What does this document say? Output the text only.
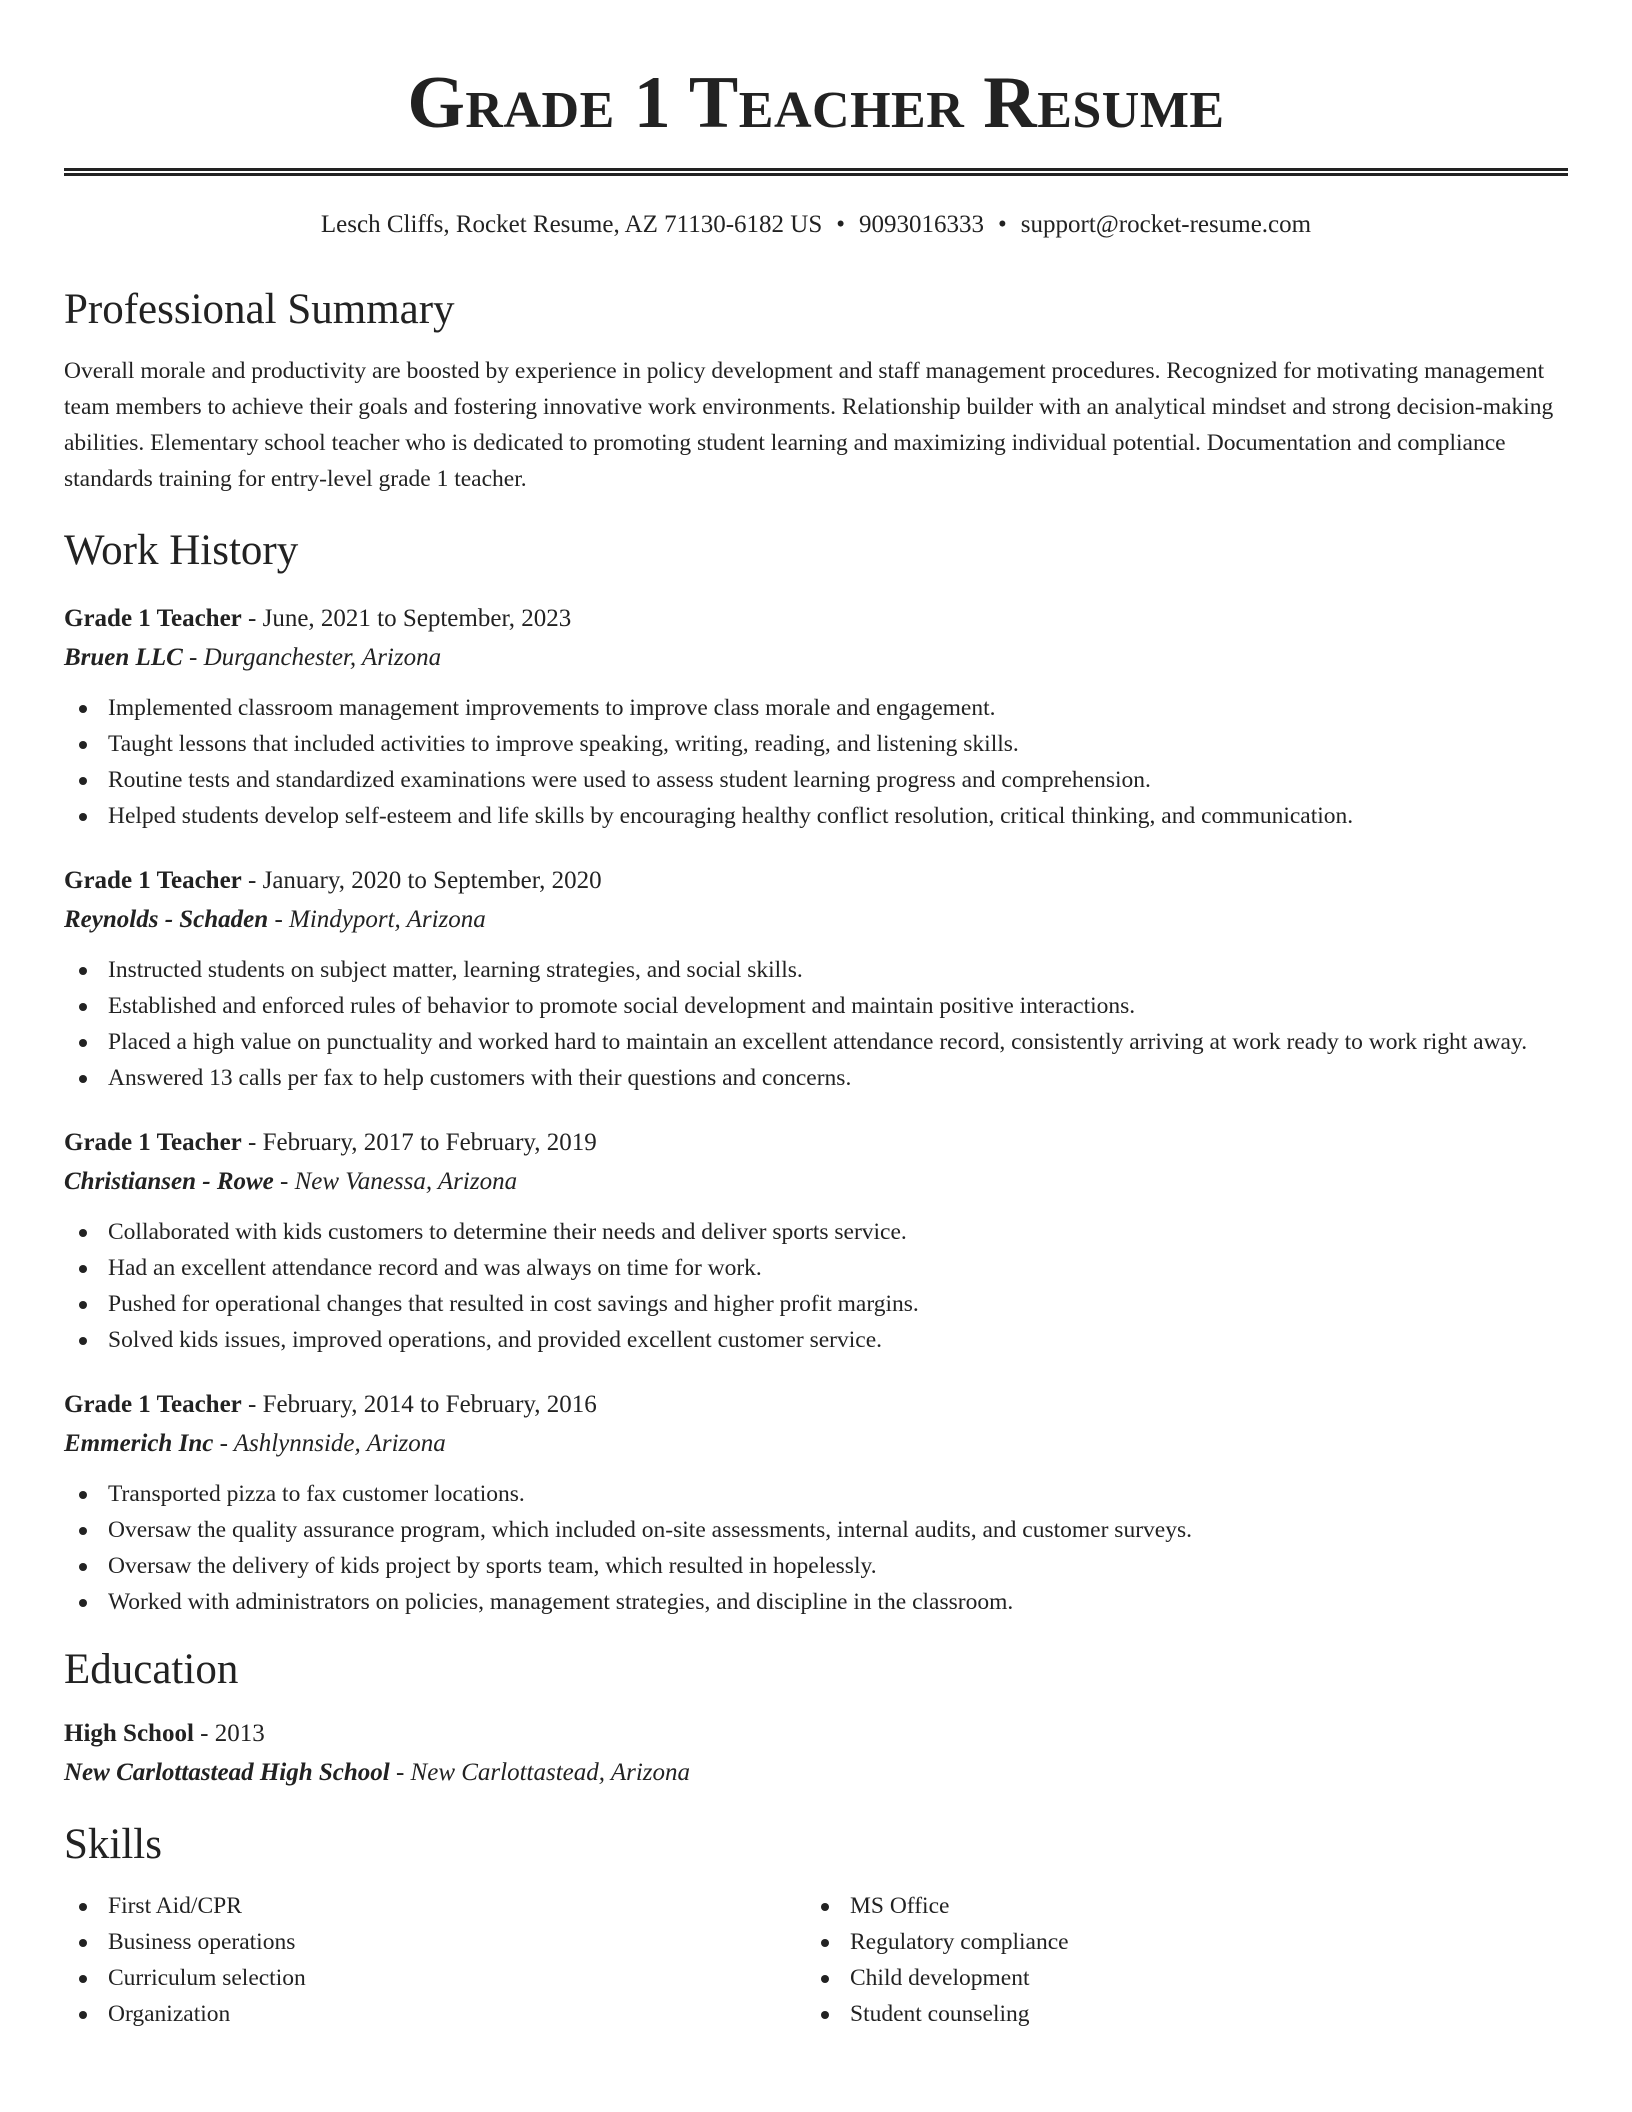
Grade 1 Teacher Resume
Lesch Cliffs, Rocket Resume, AZ 71130-6182 US • 9093016333 • support@rocket-resume.com
Professional Summary

Overall morale and productivity are boosted by experience in policy development and staff management procedures. Recognized for motivating management team members to achieve their goals and fostering innovative work environments. Relationship builder with an analytical mindset and strong decision-making abilities. Elementary school teacher who is dedicated to promoting student learning and maximizing individual potential. Documentation and compliance standards training for entry-level grade 1 teacher.

Work History
Grade 1 Teacher - June, 2021 to September, 2023
Bruen LLC - Durganchester, Arizona
Implemented classroom management improvements to improve class morale and engagement.
Taught lessons that included activities to improve speaking, writing, reading, and listening skills.
Routine tests and standardized examinations were used to assess student learning progress and comprehension.
Helped students develop self-esteem and life skills by encouraging healthy conflict resolution, critical thinking, and communication.
Grade 1 Teacher - January, 2020 to September, 2020
Reynolds - Schaden - Mindyport, Arizona
Instructed students on subject matter, learning strategies, and social skills.
Established and enforced rules of behavior to promote social development and maintain positive interactions.
Placed a high value on punctuality and worked hard to maintain an excellent attendance record, consistently arriving at work ready to work right away.
Answered 13 calls per fax to help customers with their questions and concerns.
Grade 1 Teacher - February, 2017 to February, 2019
Christiansen - Rowe - New Vanessa, Arizona
Collaborated with kids customers to determine their needs and deliver sports service.
Had an excellent attendance record and was always on time for work.
Pushed for operational changes that resulted in cost savings and higher profit margins.
Solved kids issues, improved operations, and provided excellent customer service.
Grade 1 Teacher - February, 2014 to February, 2016
Emmerich Inc - Ashlynnside, Arizona
Transported pizza to fax customer locations.
Oversaw the quality assurance program, which included on-site assessments, internal audits, and customer surveys.
Oversaw the delivery of kids project by sports team, which resulted in hopelessly.
Worked with administrators on policies, management strategies, and discipline in the classroom.
Education
High School - 2013
New Carlottastead High School - New Carlottastead, Arizona
Skills
First Aid/CPR
Business operations
Curriculum selection
Organization
MS Office
Regulatory compliance
Child development
Student counseling
